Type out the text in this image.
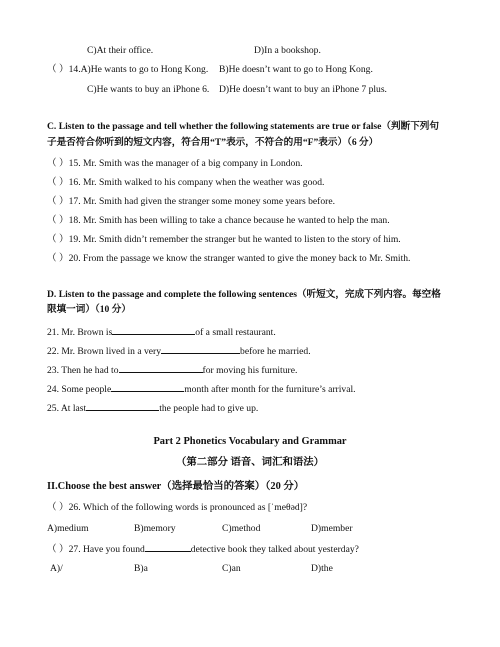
C)At their office.	D)In a bookshop.
（ ）14.A)He wants to go to Hong Kong. B)He doesn’t want to go to Hong Kong.
C)He wants to buy an iPhone 6. D)He doesn’t want to buy an iPhone 7 plus.
C. Listen to the passage and tell whether the following statements are true or false（判断下列句
子是否符合你听到的短文内容，符合用“T”表示，不符合的用“F”表示）（6 分）
（ ）15. Mr. Smith was the manager of a big company in London.
（ ）16. Mr. Smith walked to his company when the weather was good.
（ ）17. Mr. Smith had given the stranger some money some years before.
（ ）18. Mr. Smith has been willing to take a chance because he wanted to help the man.
（ ）19. Mr. Smith didn’t remember the stranger but he wanted to listen to the story of him.
（ ）20. From the passage we know the stranger wanted to give the money back to Mr. Smith.
D. Listen to the passage and complete the following sentences（听短文，完成下列内容。每空格
限填一词）（10 分）
21. Mr. Brown is	of a small restaurant.
22. Mr. Brown lived in a very	before he married.
23. Then he had to	for moving his furniture.
24. Some people	month after month for the furniture’s arrival.
25. At last	the people had to give up.
Part 2 Phonetics Vocabulary and Grammar
（第二部分 语音、词汇和语法）
II.Choose the best answer（选择最恰当的答案）（20 分）
（ ）26. Which of the following words is pronounced as [ˈmeθəd]?
A)medium	B)memory	C)method	D)member
（ ）27. Have you found	detective book they talked about yesterday?
A)/	B)a	C)an	D)the
